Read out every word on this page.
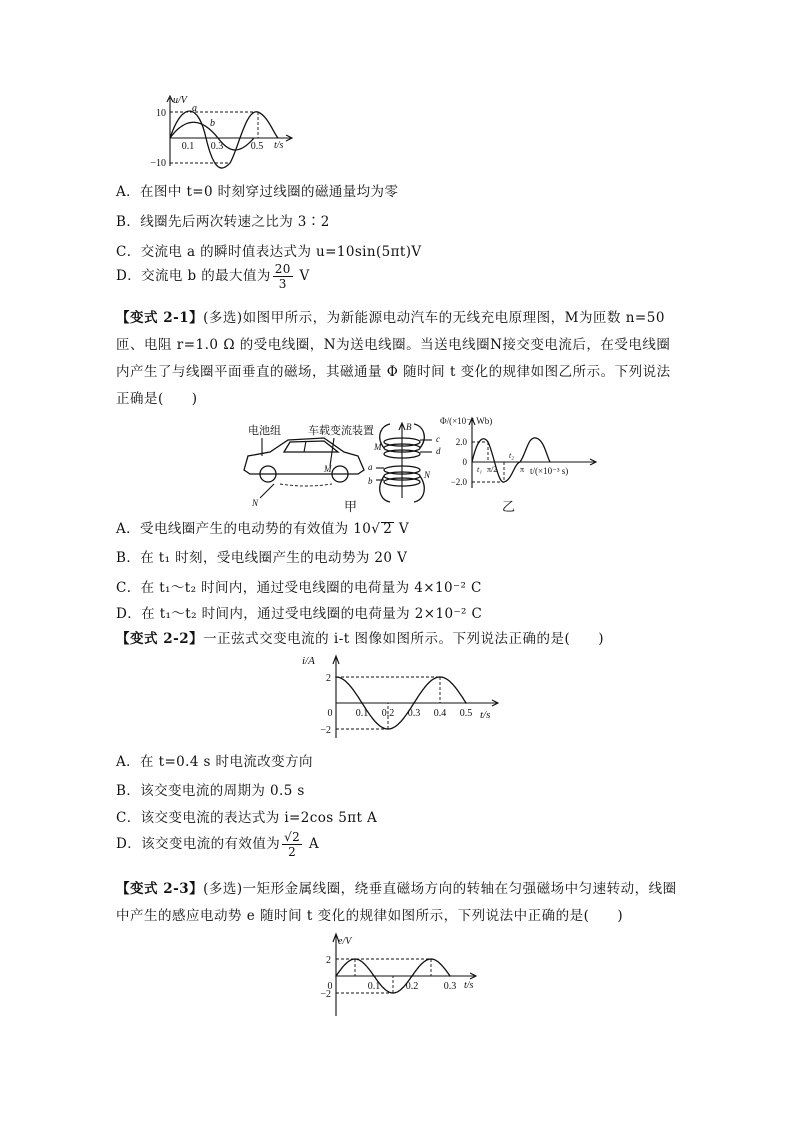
u/V
10
−10
0.1 0.3	0.5 t/s
a
b
A．在图中 t=0 时刻穿过线圈的磁通量均为零
B．线圈先后两次转速之比为 3∶2
C．交流电 a 的瞬时值表达式为 u=10sin(5πt)V
D．交流电 b 的最大值为 $\frac{20}{3}$ V
【变式 2-1】(多选)如图甲所示，为新能源电动汽车的无线充电原理图，M为匝数 n=50 匝、电阻 r=1.0 Ω 的受电线圈，N为送电线圈。当送电线圈N接交变电流后，在受电线圈内产生了与线圈平面垂直的磁场，其磁通量 Φ 随时间 t 变化的规律如图乙所示。下列说法正确是(　　)
电池组 车载变流装置
M
N
B
M
N
a
b
c
d
甲
Φ/(×10⁻⁴ Wb)
2.0
0
−2.0
t/(×10⁻³ s)
t₁ π/2
t₂
π
乙
A．受电线圈产生的电动势的有效值为 10√ 2 V
B．在 t₁ 时刻，受电线圈产生的电动势为 20 V
C．在 t₁～t₂ 时间内，通过受电线圈的电荷量为 4×10⁻² C
D．在 t₁～t₂ 时间内，通过受电线圈的电荷量为 2×10⁻² C
【变式 2-2】一正弦式交变电流的 i-t 图像如图所示。下列说法正确的是(　　)
i/A
t/s
0 0.1 0.2 0.3 0.4 0.5
2
−2
A．在 t=0.4 s 时电流改变方向
B．该交变电流的周期为 0.5 s
C．该交变电流的表达式为 i=2cos 5πt A
D．该交变电流的有效值为 $\frac{√2}{2}$ A
【变式 2-3】(多选)一矩形金属线圈，绕垂直磁场方向的转轴在匀强磁场中匀速转动，线圈中产生的感应电动势 e 随时间 t 变化的规律如图所示，下列说法中正确的是(　　)
e/V
t/s
0	0.1	0.2	0.3
2
−2
